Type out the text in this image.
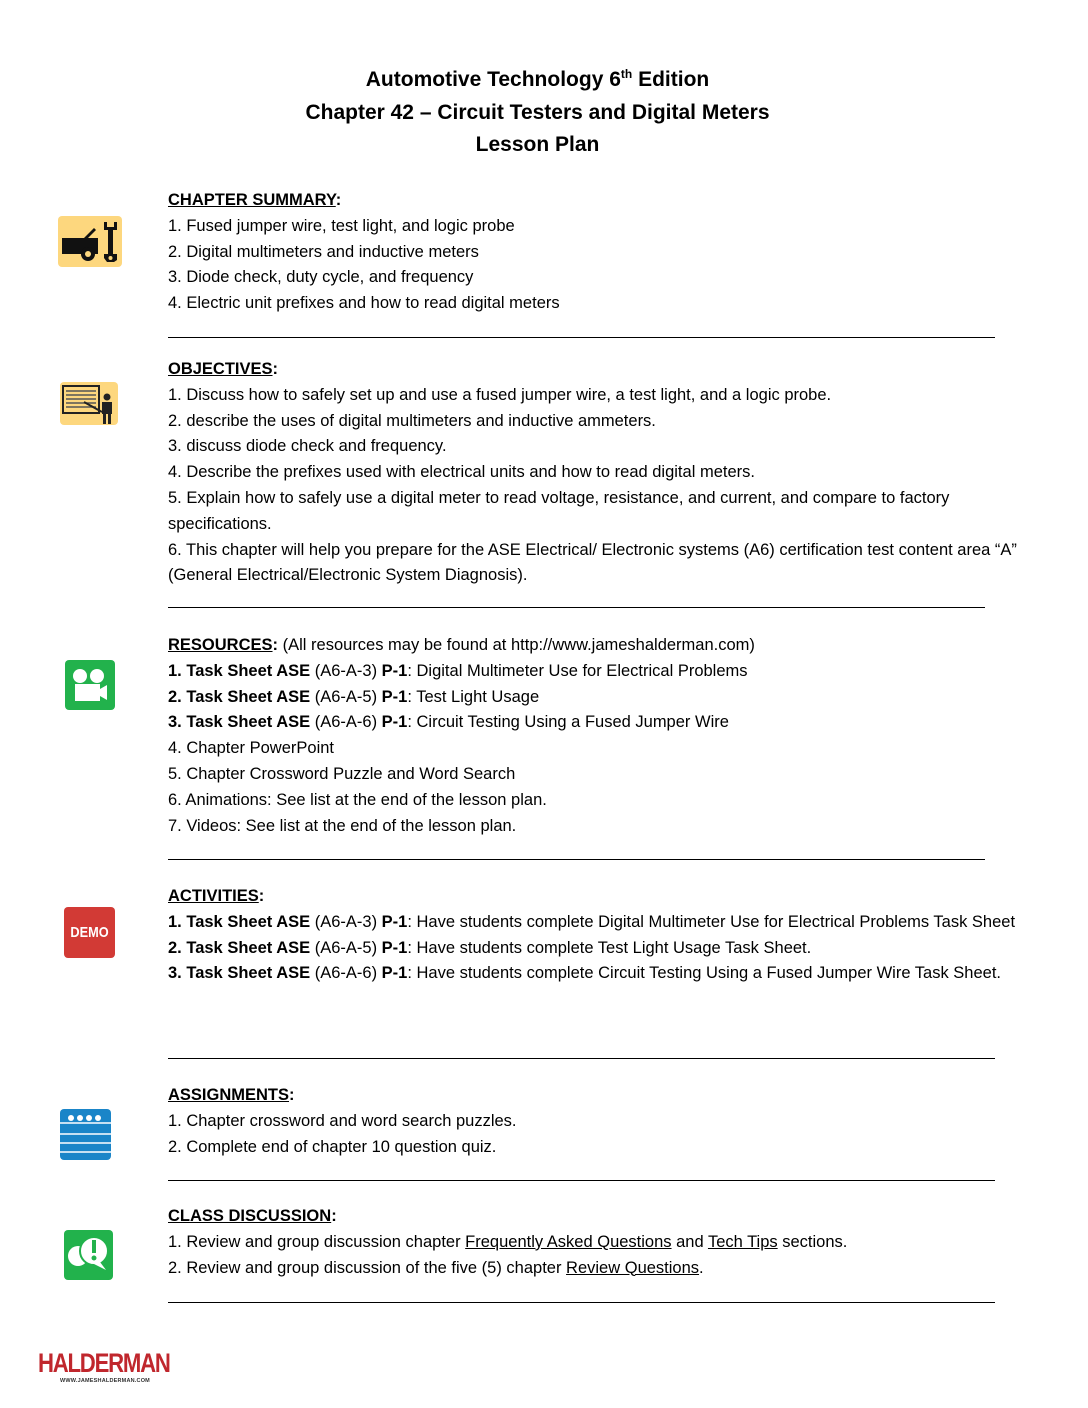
Automotive Technology 6th Edition
Chapter 42 – Circuit Testers and Digital Meters
Lesson Plan
DEMO
CHAPTER SUMMARY:
1. Fused jumper wire, test light, and logic probe
2. Digital multimeters and inductive meters
3. Diode check, duty cycle, and frequency
4. Electric unit prefixes and how to read digital meters
OBJECTIVES:
1. Discuss how to safely set up and use a fused jumper wire, a test light, and a logic probe.
2. describe the uses of digital multimeters and inductive ammeters.
3. discuss diode check and frequency.
4. Describe the prefixes used with electrical units and how to read digital meters.
5. Explain how to safely use a digital meter to read voltage, resistance, and current, and compare to factory specifications.
6. This chapter will help you prepare for the ASE Electrical/ Electronic systems (A6) certification test content area “A” (General Electrical/Electronic System Diagnosis).
RESOURCES: (All resources may be found at http://www.jameshalderman.com)
1. Task Sheet ASE (A6-A-3) P-1: Digital Multimeter Use for Electrical Problems
2. Task Sheet ASE (A6-A-5) P-1: Test Light Usage
3. Task Sheet ASE (A6-A-6) P-1: Circuit Testing Using a Fused Jumper Wire
4. Chapter PowerPoint
5. Chapter Crossword Puzzle and Word Search
6. Animations: See list at the end of the lesson plan.
7. Videos: See list at the end of the lesson plan.
ACTIVITIES:
1. Task Sheet ASE (A6-A-3) P-1: Have students complete Digital Multimeter Use for Electrical Problems Task Sheet
2. Task Sheet ASE (A6-A-5) P-1: Have students complete Test Light Usage Task Sheet.
3. Task Sheet ASE (A6-A-6) P-1: Have students complete Circuit Testing Using a Fused Jumper Wire Task Sheet.
ASSIGNMENTS:
1. Chapter crossword and word search puzzles.
2. Complete end of chapter 10 question quiz.
CLASS DISCUSSION:
1. Review and group discussion chapter Frequently Asked Questions and Tech Tips sections.
2. Review and group discussion of the five (5) chapter Review Questions.
HALDERMAN
WWW.JAMESHALDERMAN.COM
